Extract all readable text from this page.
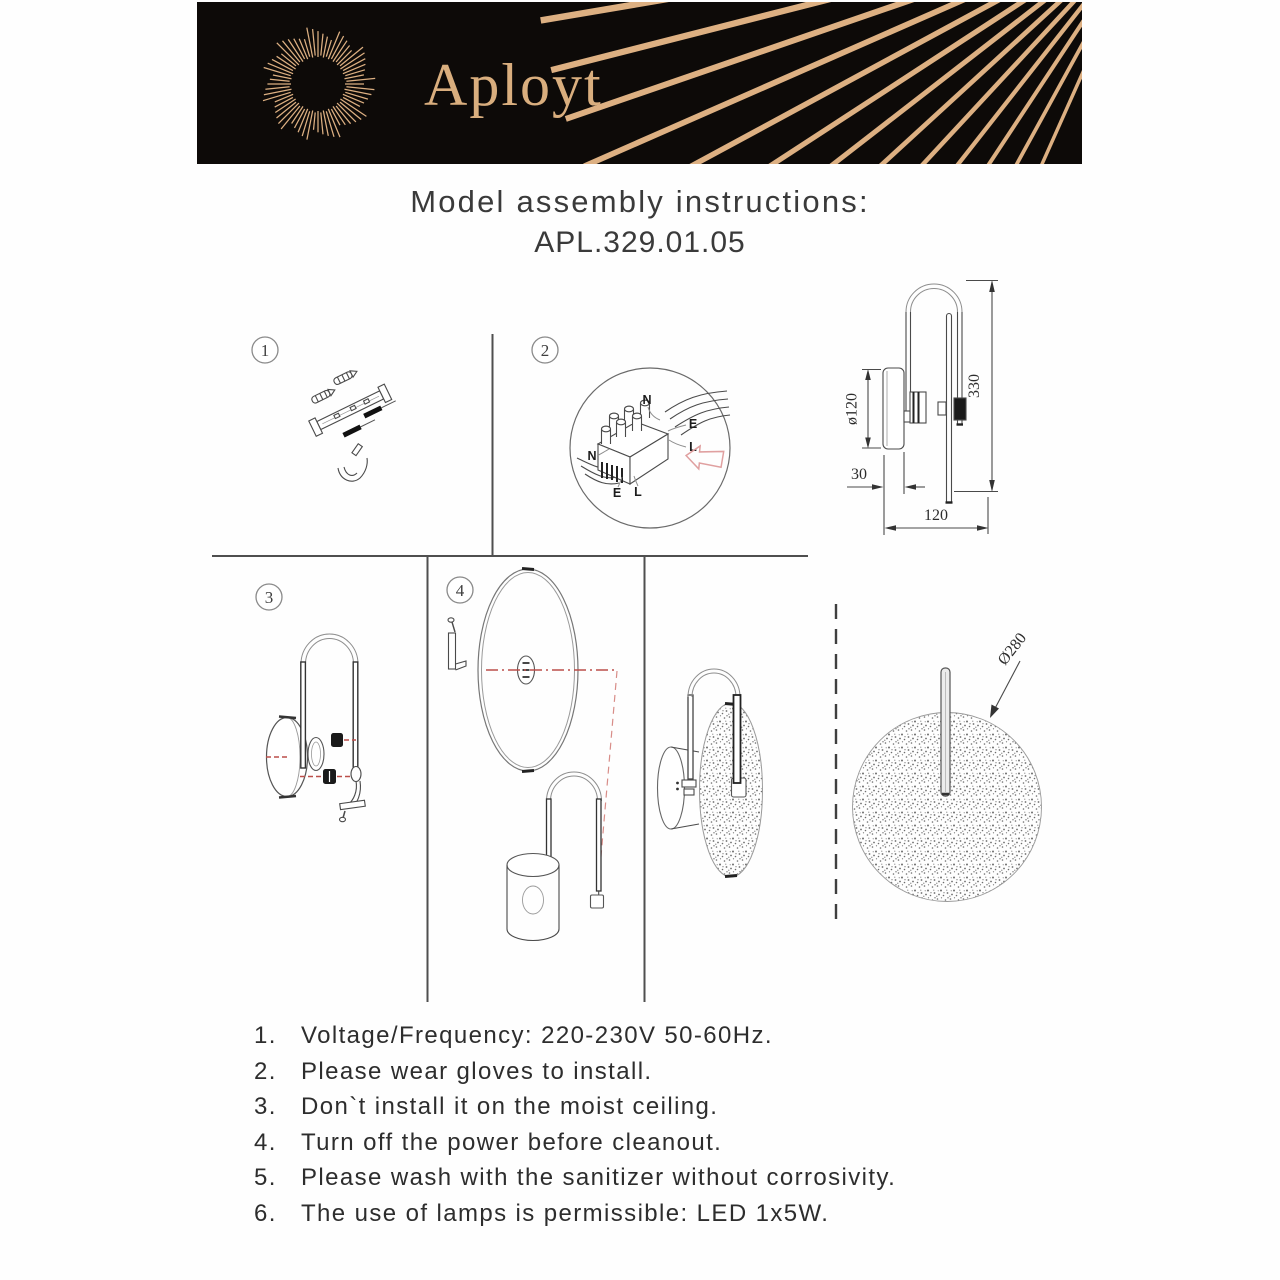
Aployt
Model assembly instructions:
APL.329.01.05
1	2
3	4
N
E
L
N
E L
ø120
330
30
120
Ø280
1.	Voltage/Frequency: 220-230V 50-60Hz.
2.	Please wear gloves to install.
3.	Don`t install it on the moist ceiling.
4.	Turn off the power before cleanout.
5.	Please wash with the sanitizer without corrosivity.
6.	The use of lamps is permissible: LED 1x5W.
